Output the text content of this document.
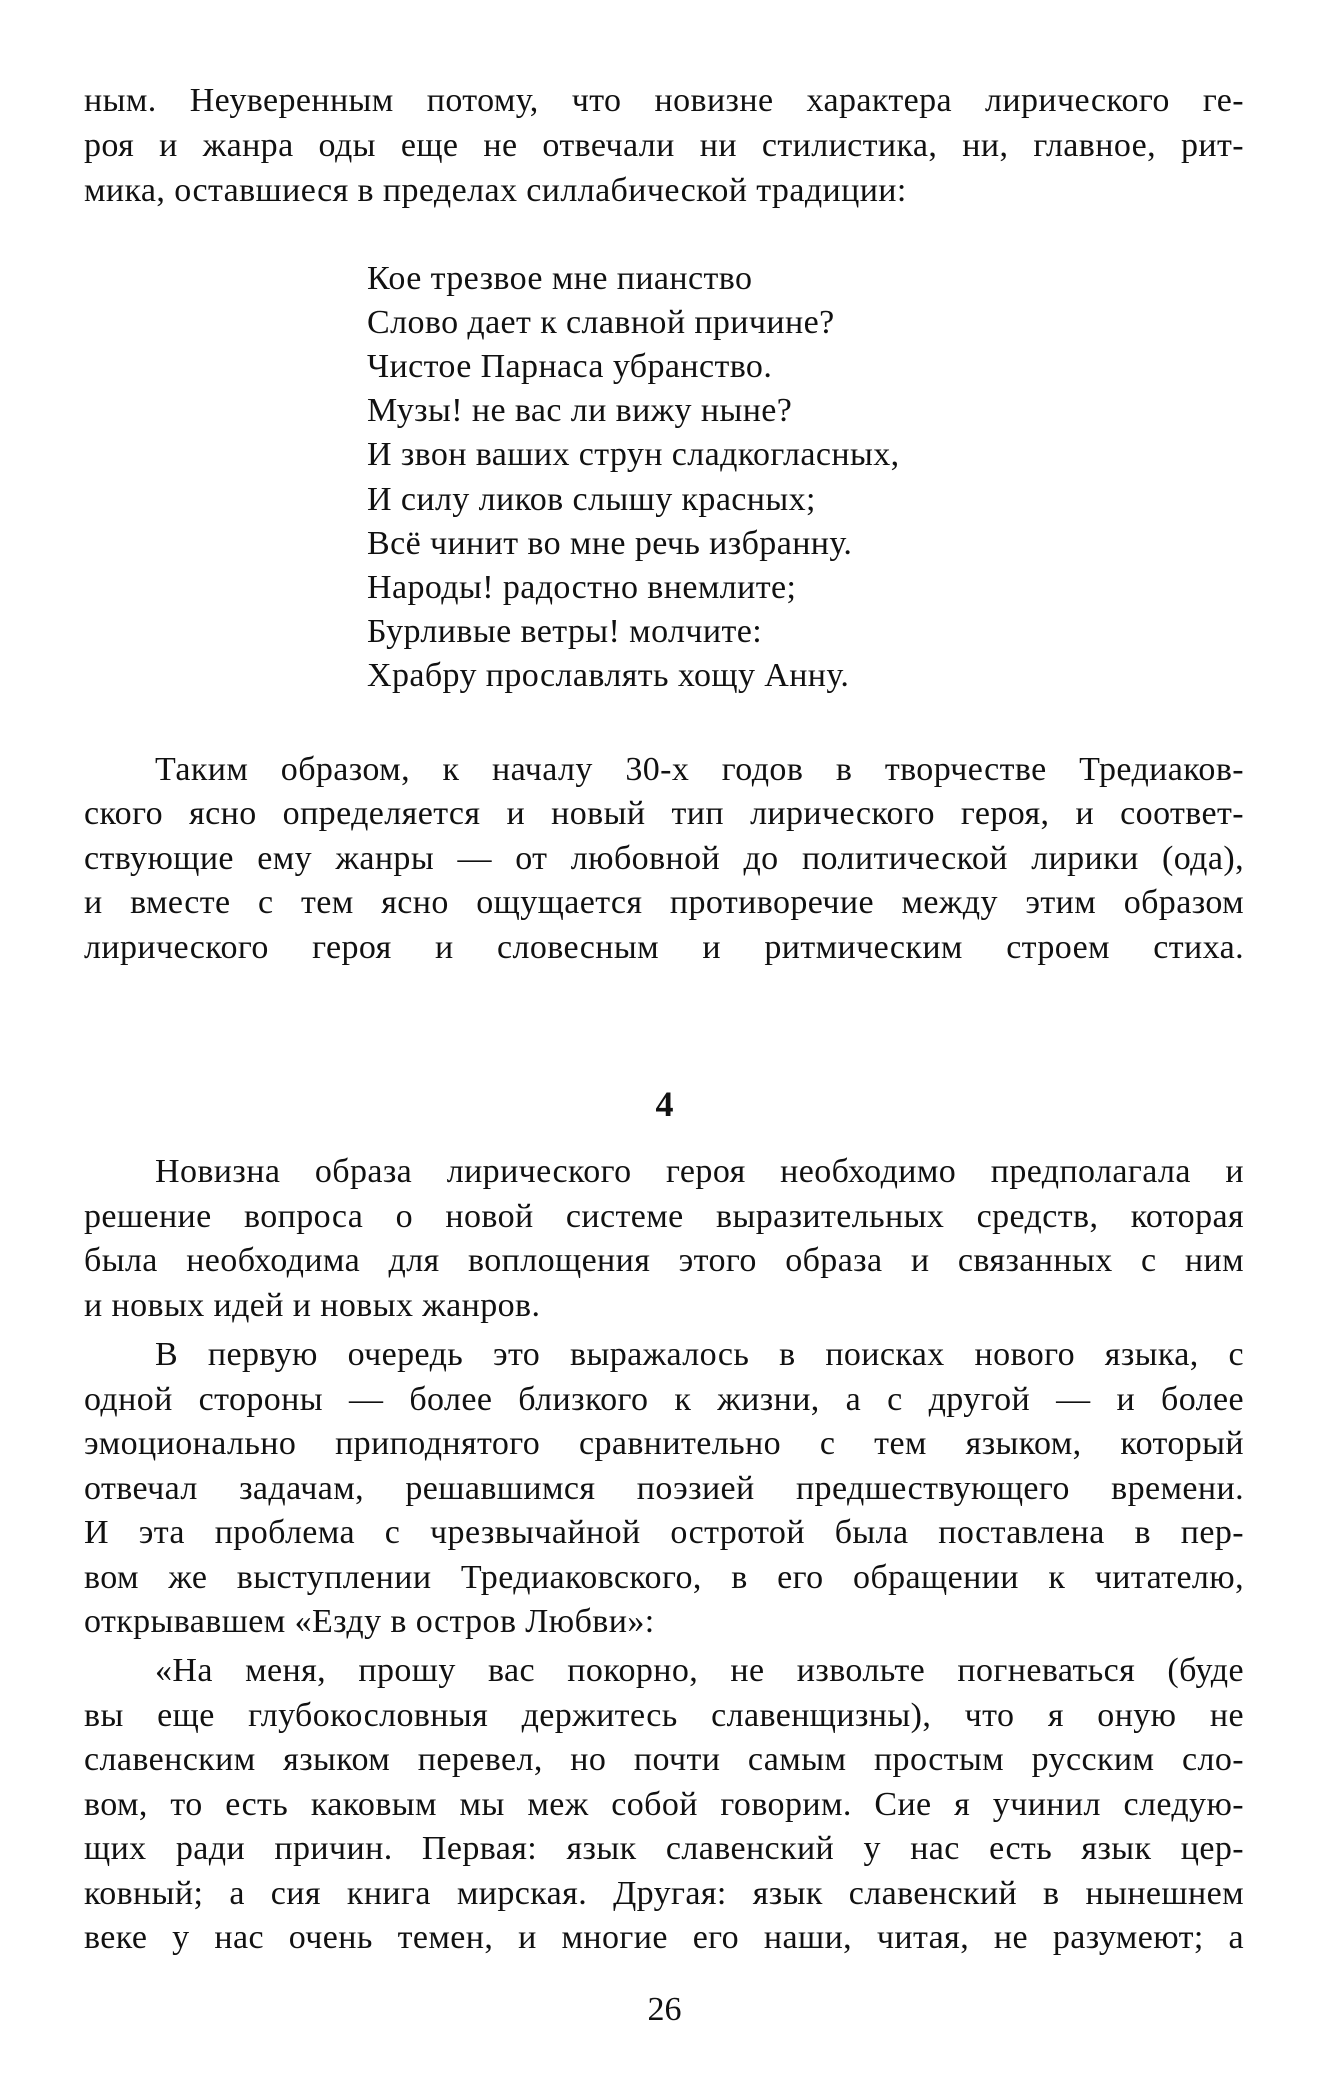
ным. Неуверенным потому, что новизне характера лирического ге-
роя и жанра оды еще не отвечали ни стилистика, ни, главное, рит-
мика, оставшиеся в пределах силлабической традиции:
Кое трезвое мне пианство
Слово дает к славной причине?
Чистое Парнаса убранство.
Музы! не вас ли вижу ныне?
И звон ваших струн сладкогласных,
И силу ликов слышу красных;
Всё чинит во мне речь избранну.
Народы! радостно внемлите;
Бурливые ветры! молчите:
Храбру прославлять хощу Анну.
Таким образом, к началу 30-х годов в творчестве Тредиаков-
ского ясно определяется и новый тип лирического героя, и соответ-
ствующие ему жанры — от любовной до политической лирики (ода),
и вместе с тем ясно ощущается противоречие между этим образом
лирического героя и словесным и ритмическим строем стиха.
4
Новизна образа лирического героя необходимо предполагала и
решение вопроса о новой системе выразительных средств, которая
была необходима для воплощения этого образа и связанных с ним
и новых идей и новых жанров.
В первую очередь это выражалось в поисках нового языка, с
одной стороны — более близкого к жизни, а с другой — и более
эмоционально приподнятого сравнительно с тем языком, который
отвечал задачам, решавшимся поэзией предшествующего времени.
И эта проблема с чрезвычайной остротой была поставлена в пер-
вом же выступлении Тредиаковского, в его обращении к читателю,
открывавшем «Езду в остров Любви»:
«На меня, прошу вас покорно, не извольте погневаться (буде
вы еще глубокословныя держитесь славенщизны), что я оную не
славенским языком перевел, но почти самым простым русским сло-
вом, то есть каковым мы меж собой говорим. Сие я учинил следую-
щих ради причин. Первая: язык славенский у нас есть язык цер-
ковный; а сия книга мирская. Другая: язык славенский в нынешнем
веке у нас очень темен, и многие его наши, читая, не разумеют; а
26
